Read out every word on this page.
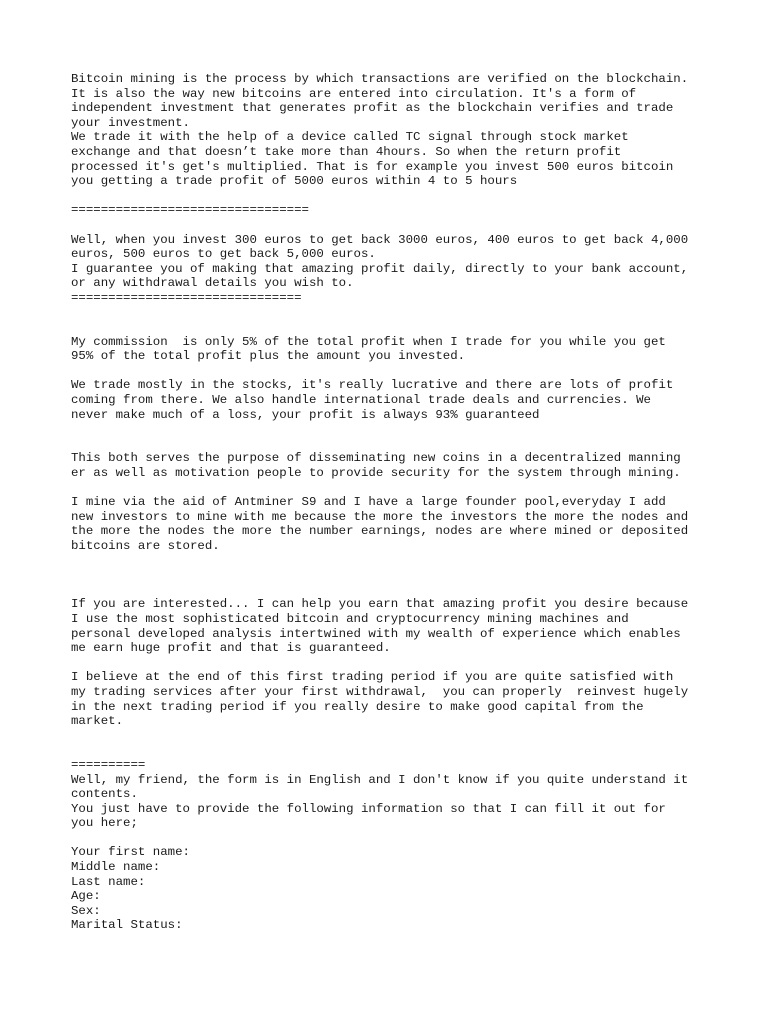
Bitcoin mining is the process by which transactions are verified on the blockchain.
It is also the way new bitcoins are entered into circulation. It's a form of
independent investment that generates profit as the blockchain verifies and trade
your investment.
We trade it with the help of a device called TC signal through stock market
exchange and that doesn’t take more than 4hours. So when the return profit
processed it's get's multiplied. That is for example you invest 500 euros bitcoin
you getting a trade profit of 5000 euros within 4 to 5 hours

================================

Well, when you invest 300 euros to get back 3000 euros, 400 euros to get back 4,000
euros, 500 euros to get back 5,000 euros.
I guarantee you of making that amazing profit daily, directly to your bank account,
or any withdrawal details you wish to.
===============================

My commission  is only 5% of the total profit when I trade for you while you get
95% of the total profit plus the amount you invested.

We trade mostly in the stocks, it's really lucrative and there are lots of profit
coming from there. We also handle international trade deals and currencies. We
never make much of a loss, your profit is always 93% guaranteed

This both serves the purpose of disseminating new coins in a decentralized manning
er as well as motivation people to provide security for the system through mining.

I mine via the aid of Antminer S9 and I have a large founder pool,everyday I add
new investors to mine with me because the more the investors the more the nodes and
the more the nodes the more the number earnings, nodes are where mined or deposited
bitcoins are stored.

If you are interested... I can help you earn that amazing profit you desire because
I use the most sophisticated bitcoin and cryptocurrency mining machines and
personal developed analysis intertwined with my wealth of experience which enables
me earn huge profit and that is guaranteed.

I believe at the end of this first trading period if you are quite satisfied with
my trading services after your first withdrawal,  you can properly  reinvest hugely
in the next trading period if you really desire to make good capital from the
market.

==========
Well, my friend, the form is in English and I don't know if you quite understand it
contents.
You just have to provide the following information so that I can fill it out for
you here;

Your first name:
Middle name:
Last name:
Age:
Sex:
Marital Status:
